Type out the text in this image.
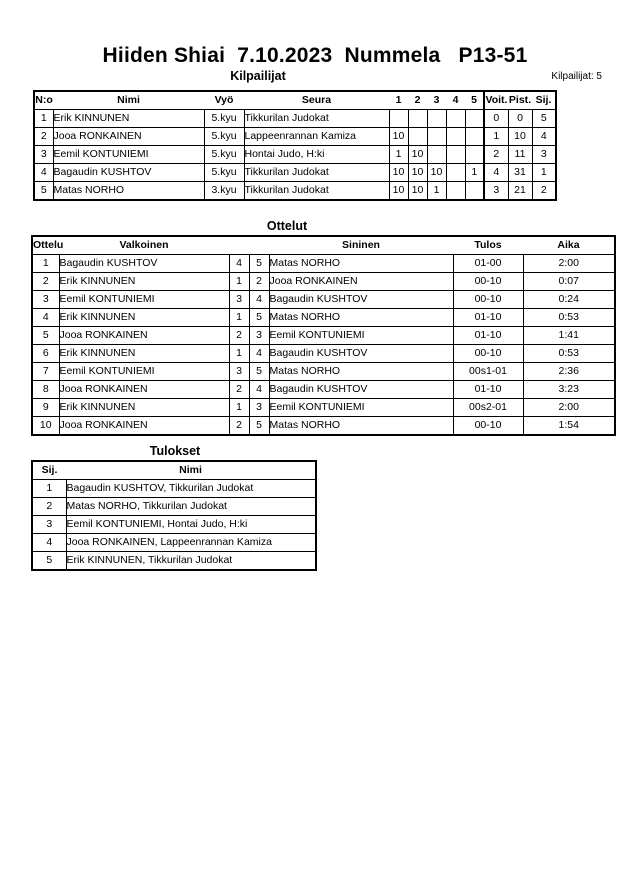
Hiiden Shiai  7.10.2023  Nummela   P13-51
Kilpailijat	Kilpailijat: 5
N:o	Nimi	Vyö	Seura	1	2	3	4	5	Voit.	Pist.	Sij.
1	Erik KINNUNEN	5.kyu	Tikkurilan Judokat						0	0	5
2	Jooa RONKAINEN	5.kyu	Lappeenrannan Kamiza	10					1	10	4
3	Eemil KONTUNIEMI	5.kyu	Hontai Judo, H:ki	1	10				2	11	3
4	Bagaudin KUSHTOV	5.kyu	Tikkurilan Judokat	10	10	10		1	4	31	1
5	Matas NORHO	3.kyu	Tikkurilan Judokat	10	10	1			3	21	2
Ottelut
Ottelu	Valkoinen			Sininen	Tulos	Aika
1	Bagaudin KUSHTOV	4	5	Matas NORHO	01-00	2:00
2	Erik KINNUNEN	1	2	Jooa RONKAINEN	00-10	0:07
3	Eemil KONTUNIEMI	3	4	Bagaudin KUSHTOV	00-10	0:24
4	Erik KINNUNEN	1	5	Matas NORHO	01-10	0:53
5	Jooa RONKAINEN	2	3	Eemil KONTUNIEMI	01-10	1:41
6	Erik KINNUNEN	1	4	Bagaudin KUSHTOV	00-10	0:53
7	Eemil KONTUNIEMI	3	5	Matas NORHO	00s1-01	2:36
8	Jooa RONKAINEN	2	4	Bagaudin KUSHTOV	01-10	3:23
9	Erik KINNUNEN	1	3	Eemil KONTUNIEMI	00s2-01	2:00
10	Jooa RONKAINEN	2	5	Matas NORHO	00-10	1:54
Tulokset
Sij.	Nimi
1	Bagaudin KUSHTOV, Tikkurilan Judokat
2	Matas NORHO, Tikkurilan Judokat
3	Eemil KONTUNIEMI, Hontai Judo, H:ki
4	Jooa RONKAINEN, Lappeenrannan Kamiza
5	Erik KINNUNEN, Tikkurilan Judokat
